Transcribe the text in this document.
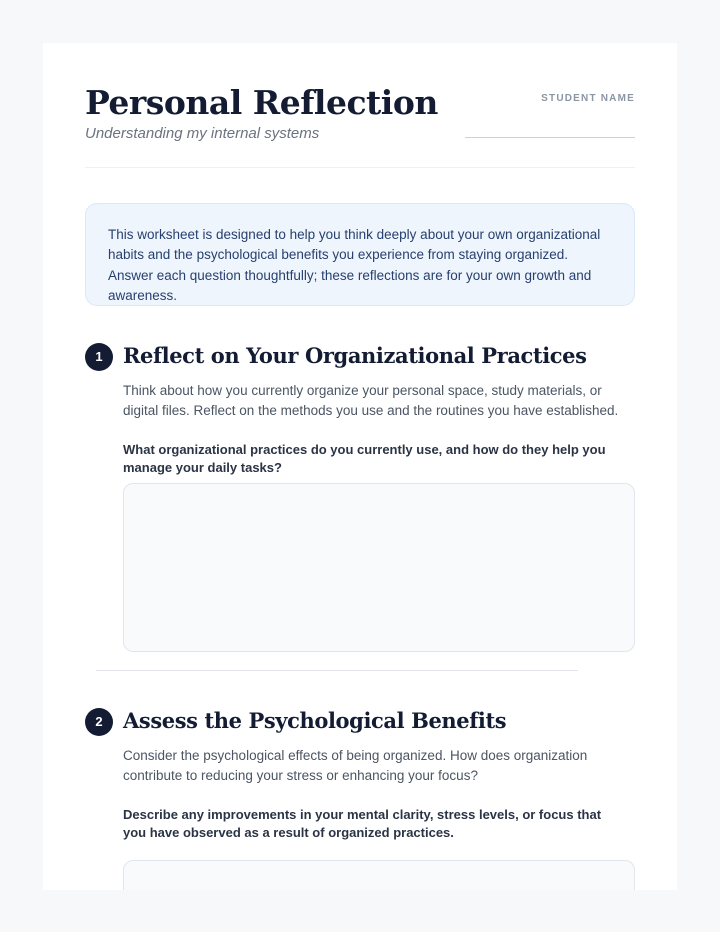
Personal Reflection
Understanding my internal systems
STUDENT NAME
This worksheet is designed to help you think deeply about your own organizational habits and the psychological benefits you experience from staying organized. Answer each question thoughtfully; these reflections are for your own growth and awareness.
1 Reflect on Your Organizational Practices
Think about how you currently organize your personal space, study materials, or digital files. Reflect on the methods you use and the routines you have established.
What organizational practices do you currently use, and how do they help you manage your daily tasks?
2 Assess the Psychological Benefits
Consider the psychological effects of being organized. How does organization contribute to reducing your stress or enhancing your focus?
Describe any improvements in your mental clarity, stress levels, or focus that you have observed as a result of organized practices.
